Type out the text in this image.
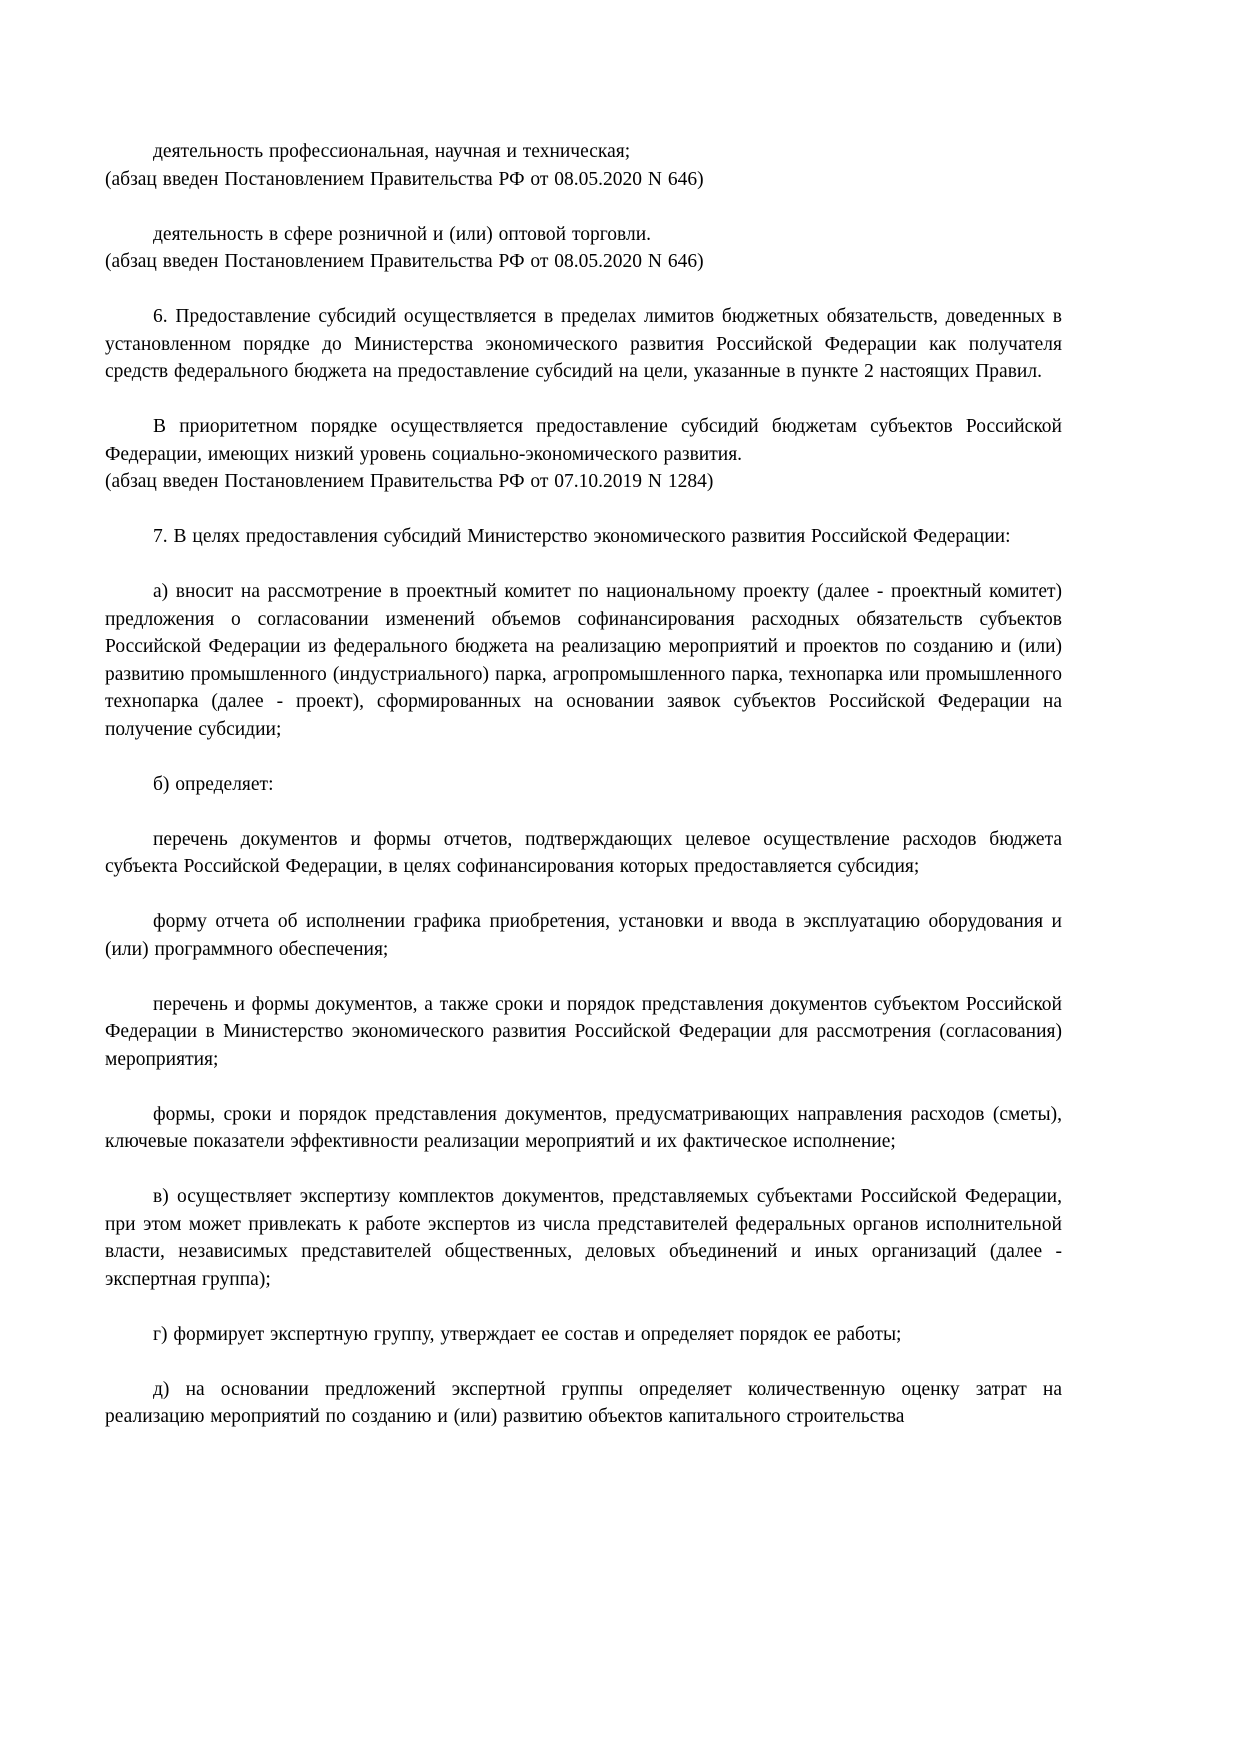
деятельность профессиональная, научная и техническая;

(абзац введен Постановлением Правительства РФ от 08.05.2020 N 646)

деятельность в сфере розничной и (или) оптовой торговли.

(абзац введен Постановлением Правительства РФ от 08.05.2020 N 646)

6. Предоставление субсидий осуществляется в пределах лимитов бюджетных обязательств, доведенных в установленном порядке до Министерства экономического развития Российской Федерации как получателя средств федерального бюджета на предоставление субсидий на цели, указанные в пункте 2 настоящих Правил.

В приоритетном порядке осуществляется предоставление субсидий бюджетам субъектов Российской Федерации, имеющих низкий уровень социально-экономического развития.

(абзац введен Постановлением Правительства РФ от 07.10.2019 N 1284)

7. В целях предоставления субсидий Министерство экономического развития Российской Федерации:

а) вносит на рассмотрение в проектный комитет по национальному проекту (далее - проектный комитет) предложения о согласовании изменений объемов софинансирования расходных обязательств субъектов Российской Федерации из федерального бюджета на реализацию мероприятий и проектов по созданию и (или) развитию промышленного (индустриального) парка, агропромышленного парка, технопарка или промышленного технопарка (далее - проект), сформированных на основании заявок субъектов Российской Федерации на получение субсидии;

б) определяет:

перечень документов и формы отчетов, подтверждающих целевое осуществление расходов бюджета субъекта Российской Федерации, в целях софинансирования которых предоставляется субсидия;

форму отчета об исполнении графика приобретения, установки и ввода в эксплуатацию оборудования и (или) программного обеспечения;

перечень и формы документов, а также сроки и порядок представления документов субъектом Российской Федерации в Министерство экономического развития Российской Федерации для рассмотрения (согласования) мероприятия;

формы, сроки и порядок представления документов, предусматривающих направления расходов (сметы), ключевые показатели эффективности реализации мероприятий и их фактическое исполнение;

в) осуществляет экспертизу комплектов документов, представляемых субъектами Российской Федерации, при этом может привлекать к работе экспертов из числа представителей федеральных органов исполнительной власти, независимых представителей общественных, деловых объединений и иных организаций (далее - экспертная группа);

г) формирует экспертную группу, утверждает ее состав и определяет порядок ее работы;

д) на основании предложений экспертной группы определяет количественную оценку затрат на реализацию мероприятий по созданию и (или) развитию объектов капитального строительства
